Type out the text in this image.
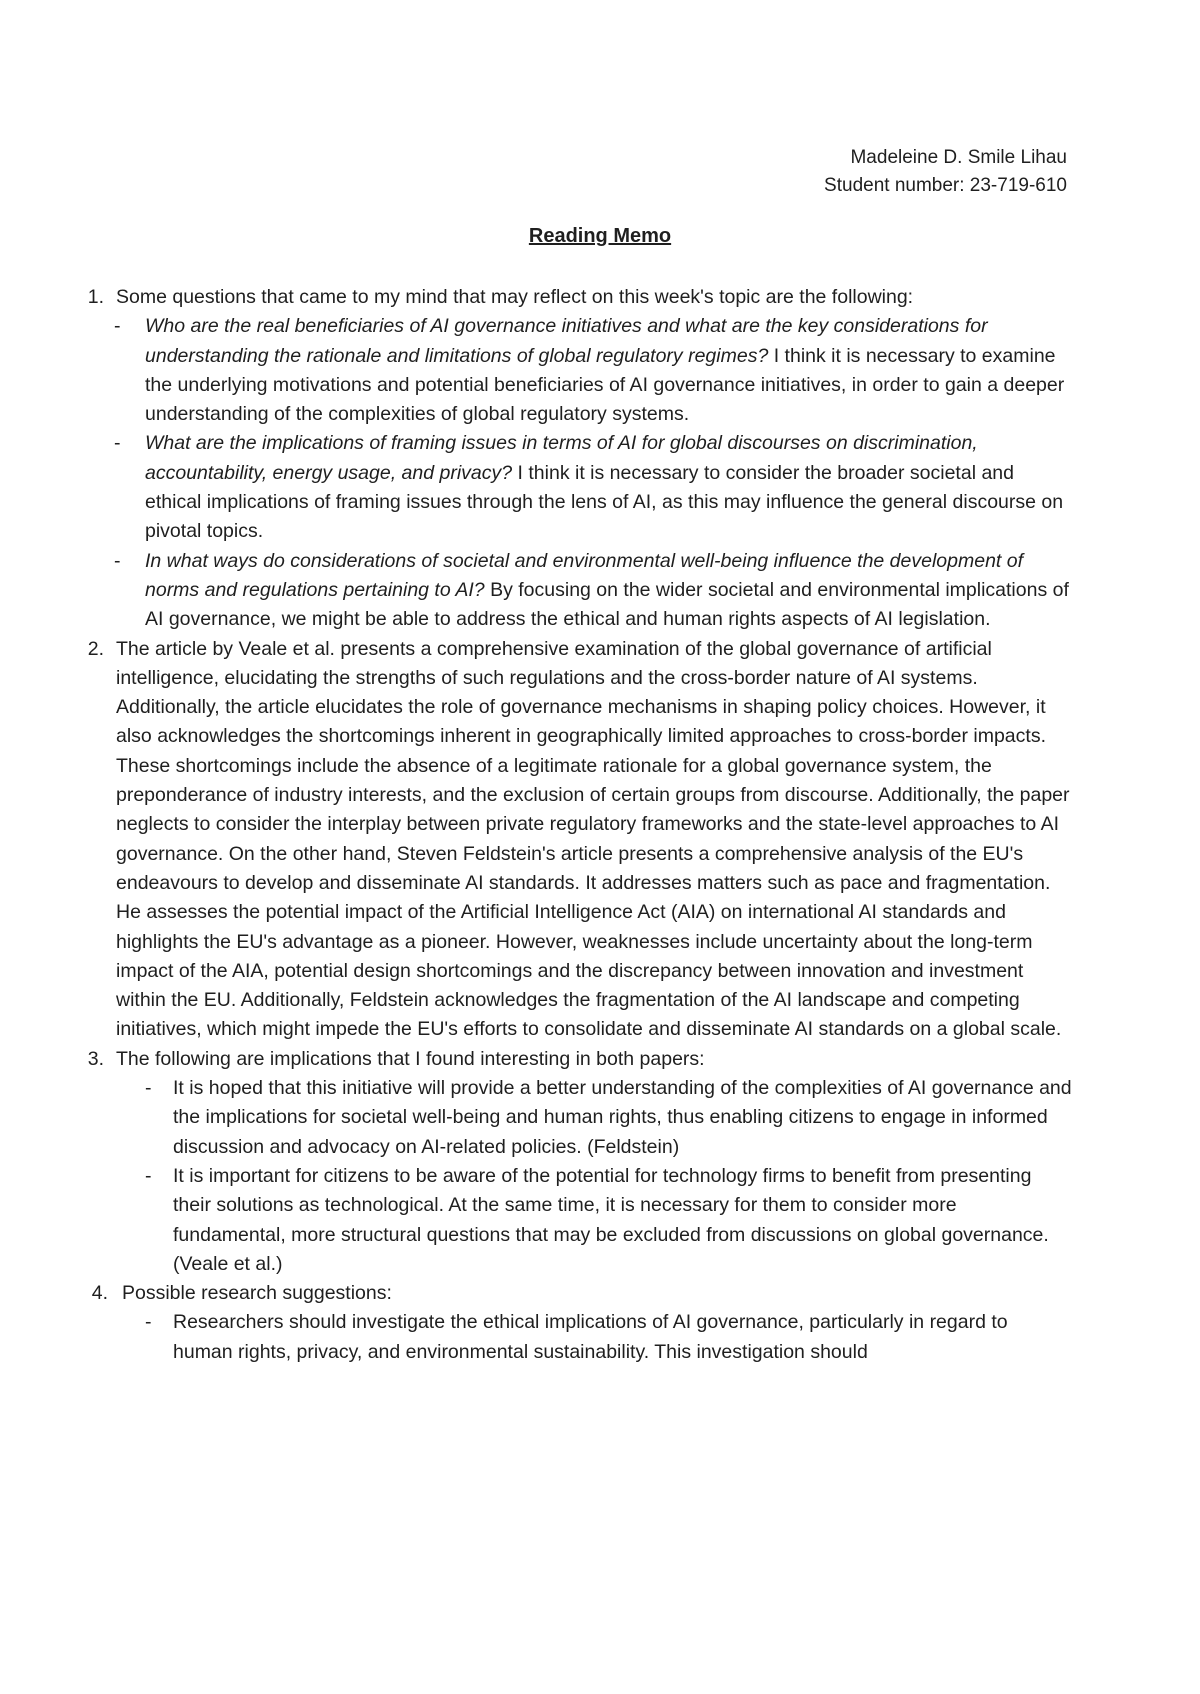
Madeleine D. Smile Lihau
Student number: 23-719-610
Reading Memo
1. Some questions that came to my mind that may reflect on this week's topic are the following:
- Who are the real beneficiaries of AI governance initiatives and what are the key considerations for understanding the rationale and limitations of global regulatory regimes? I think it is necessary to examine the underlying motivations and potential beneficiaries of AI governance initiatives, in order to gain a deeper understanding of the complexities of global regulatory systems.
- What are the implications of framing issues in terms of AI for global discourses on discrimination, accountability, energy usage, and privacy? I think it is necessary to consider the broader societal and ethical implications of framing issues through the lens of AI, as this may influence the general discourse on pivotal topics.
- In what ways do considerations of societal and environmental well-being influence the development of norms and regulations pertaining to AI? By focusing on the wider societal and environmental implications of AI governance, we might be able to address the ethical and human rights aspects of AI legislation.
2. The article by Veale et al. presents a comprehensive examination of the global governance of artificial intelligence, elucidating the strengths of such regulations and the cross-border nature of AI systems. Additionally, the article elucidates the role of governance mechanisms in shaping policy choices. However, it also acknowledges the shortcomings inherent in geographically limited approaches to cross-border impacts. These shortcomings include the absence of a legitimate rationale for a global governance system, the preponderance of industry interests, and the exclusion of certain groups from discourse. Additionally, the paper neglects to consider the interplay between private regulatory frameworks and the state-level approaches to AI governance. On the other hand, Steven Feldstein's article presents a comprehensive analysis of the EU's endeavours to develop and disseminate AI standards. It addresses matters such as pace and fragmentation. He assesses the potential impact of the Artificial Intelligence Act (AIA) on international AI standards and highlights the EU's advantage as a pioneer. However, weaknesses include uncertainty about the long-term impact of the AIA, potential design shortcomings and the discrepancy between innovation and investment within the EU. Additionally, Feldstein acknowledges the fragmentation of the AI landscape and competing initiatives, which might impede the EU's efforts to consolidate and disseminate AI standards on a global scale.
3. The following are implications that I found interesting in both papers:
- It is hoped that this initiative will provide a better understanding of the complexities of AI governance and the implications for societal well-being and human rights, thus enabling citizens to engage in informed discussion and advocacy on AI-related policies. (Feldstein)
- It is important for citizens to be aware of the potential for technology firms to benefit from presenting their solutions as technological. At the same time, it is necessary for them to consider more fundamental, more structural questions that may be excluded from discussions on global governance. (Veale et al.)
4. Possible research suggestions:
- Researchers should investigate the ethical implications of AI governance, particularly in regard to human rights, privacy, and environmental sustainability. This investigation should
